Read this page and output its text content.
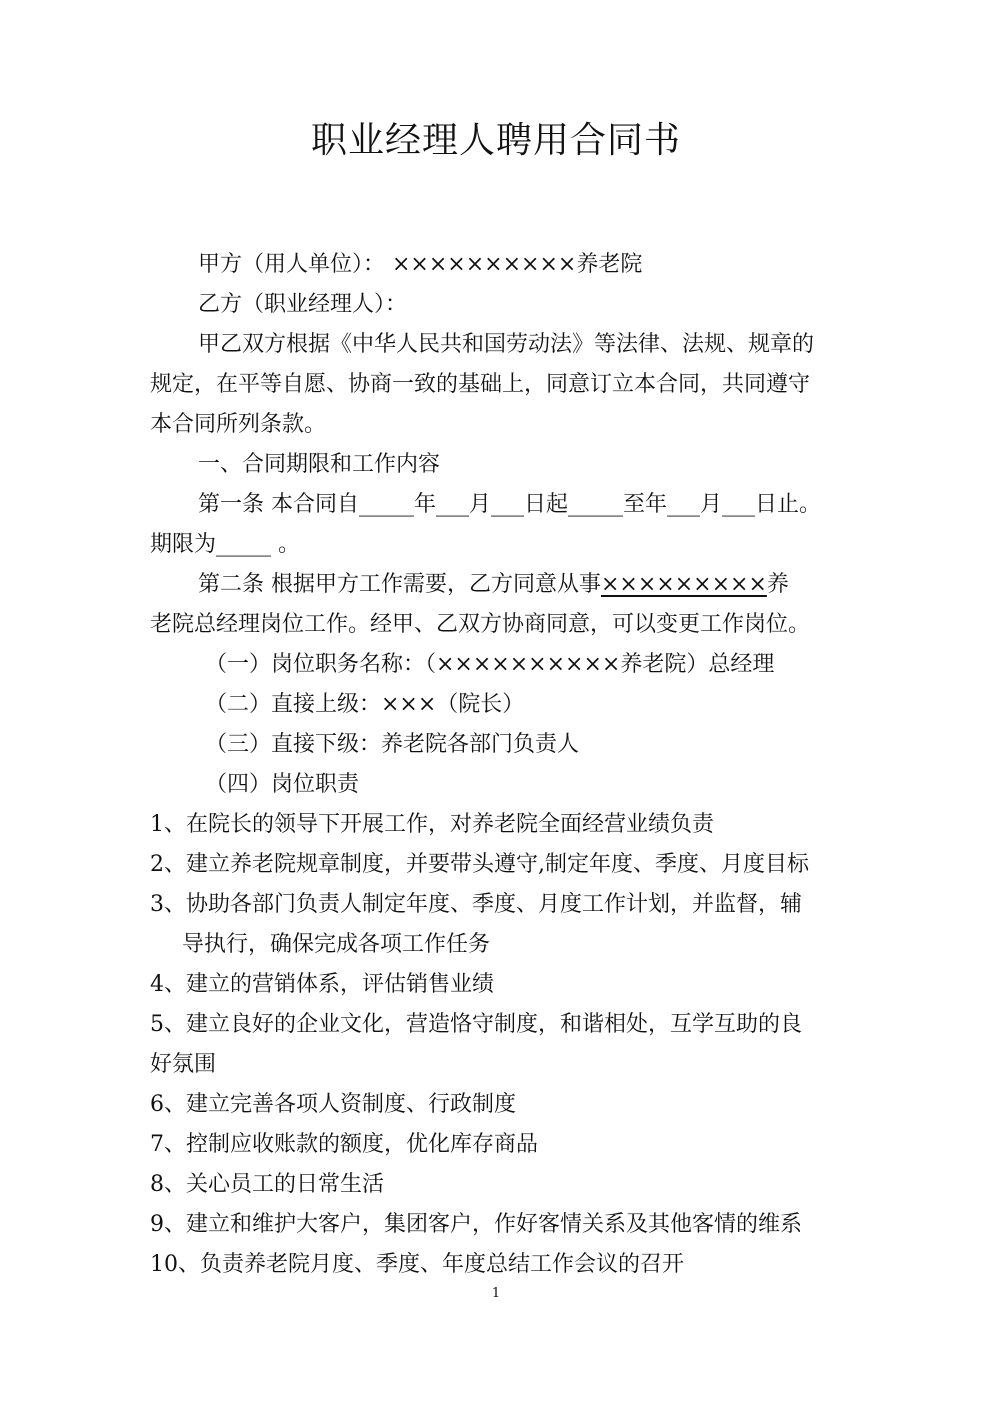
职业经理人聘用合同书
甲方（用人单位）： ××××××××××养老院
乙方（职业经理人）：
甲乙双方根据《中华人民共和国劳动法》等法律、法规、规章的
规定，在平等自愿、协商一致的基础上，同意订立本合同，共同遵守
本合同所列条款。
一、合同期限和工作内容
第一条 本合同自_____年___月___日起_____至年___月___日止。
期限为_____ 。
第二条 根据甲方工作需要，乙方同意从事×××××××××养
老院总经理岗位工作。经甲、乙双方协商同意，可以变更工作岗位。
（一）岗位职务名称：（××××××××××养老院）总经理
（二）直接上级：×××（院长）
（三）直接下级：养老院各部门负责人
（四）岗位职责
1、在院长的领导下开展工作，对养老院全面经营业绩负责
2、建立养老院规章制度，并要带头遵守,制定年度、季度、月度目标
3、协助各部门负责人制定年度、季度、月度工作计划，并监督，辅
导执行，确保完成各项工作任务
4、建立的营销体系，评估销售业绩
5、建立良好的企业文化，营造恪守制度，和谐相处，互学互助的良
好氛围
6、建立完善各项人资制度、行政制度
7、控制应收账款的额度，优化库存商品
8、关心员工的日常生活
9、建立和维护大客户，集团客户，作好客情关系及其他客情的维系
10、负责养老院月度、季度、年度总结工作会议的召开
1
